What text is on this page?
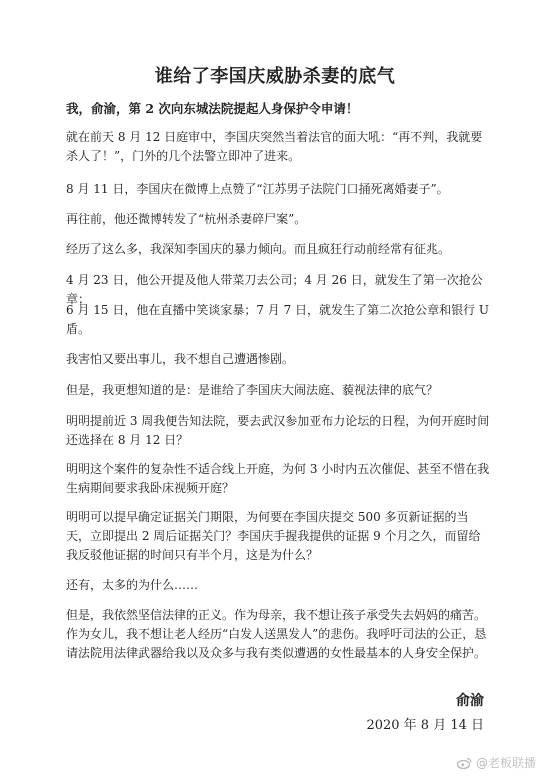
谁给了李国庆威胁杀妻的底气
我，俞渝，第 2 次向东城法院提起人身保护令申请！
就在前天 8 月 12 日庭审中，李国庆突然当着法官的面大吼：“再不判，我就要杀人了！”，门外的几个法警立即冲了进来。
8 月 11 日，李国庆在微博上点赞了“江苏男子法院门口捅死离婚妻子”。
再往前，他还微博转发了“杭州杀妻碎尸案”。
经历了这么多，我深知李国庆的暴力倾向。而且疯狂行动前经常有征兆。
4 月 23 日，他公开提及他人带菜刀去公司；4 月 26 日，就发生了第一次抢公章；
6 月 15 日，他在直播中笑谈家暴；7 月 7 日，就发生了第二次抢公章和银行 U 盾。
我害怕又要出事儿，我不想自己遭遇惨剧。
但是，我更想知道的是：是谁给了李国庆大闹法庭、藐视法律的底气？
明明提前近 3 周我便告知法院，要去武汉参加亚布力论坛的日程，为何开庭时间还选择在 8 月 12 日？
明明这个案件的复杂性不适合线上开庭，为何 3 小时内五次催促、甚至不惜在我生病期间要求我卧床视频开庭？
明明可以提早确定证据关门期限，为何要在李国庆提交 500 多页新证据的当天，立即提出 2 周后证据关门？李国庆手握我提供的证据 9 个月之久，而留给我反驳他证据的时间只有半个月，这是为什么？
还有，太多的为什么……
但是，我依然坚信法律的正义。作为母亲，我不想让孩子承受失去妈妈的痛苦。作为女儿，我不想让老人经历“白发人送黑发人”的悲伤。我呼吁司法的公正，恳请法院用法律武器给我以及众多与我有类似遭遇的女性最基本的人身安全保护。
俞渝
2020 年 8 月 14 日
@老板联播
